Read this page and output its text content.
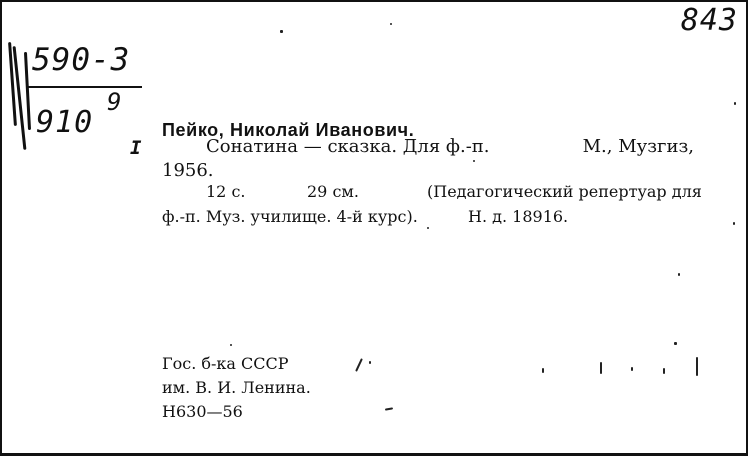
843
590-3
910
9
I
Пейко, Николай Иванович.
Сонатина — сказка. Для ф.-п.	М., Музгиз,
1956.
12 с.	29 см.	(Педагогический репертуар для
ф.-п. Муз. училище. 4-й курс).	Н. д. 18916.
Гос. б-ка СССР
им. В. И. Ленина.
Н630—56
